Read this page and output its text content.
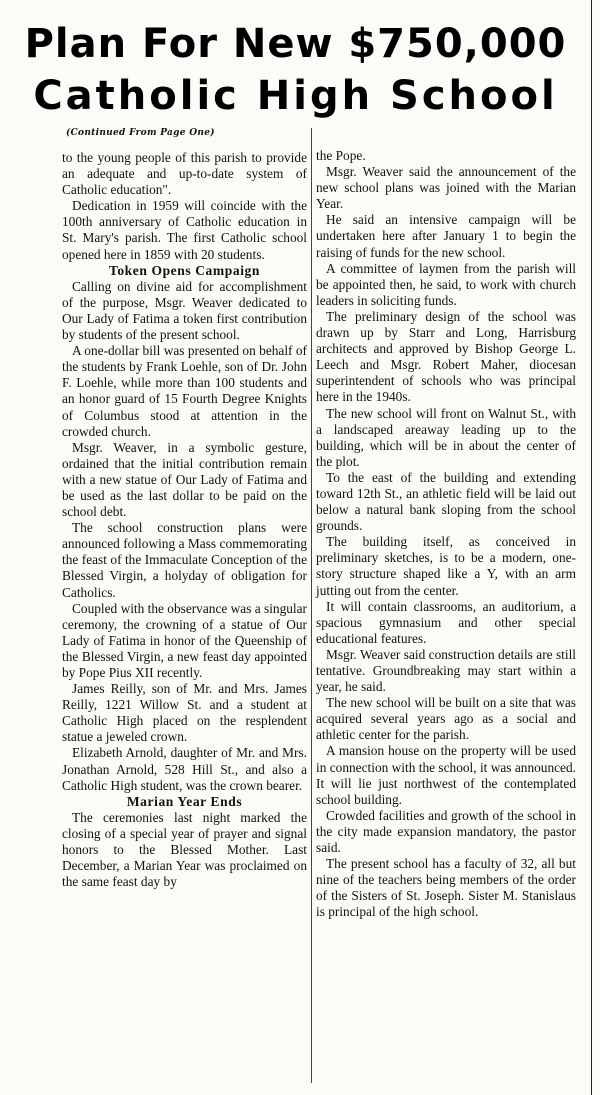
Plan For New $750,000
Catholic High School
(Continued From Page One)

to the young people of this parish to provide an adequate and up-to-date system of Catholic education".

Dedication in 1959 will coincide with the 100th anniversary of Catholic education in St. Mary's parish. The first Catholic school opened here in 1859 with 20 students.

Token Opens Campaign

Calling on divine aid for accomplishment of the purpose, Msgr. Weaver dedicated to Our Lady of Fatima a token first contribution by students of the present school.

A one-dollar bill was presented on behalf of the students by Frank Loehle, son of Dr. John F. Loehle, while more than 100 students and an honor guard of 15 Fourth Degree Knights of Columbus stood at attention in the crowded church.

Msgr. Weaver, in a symbolic gesture, ordained that the initial contribution remain with a new statue of Our Lady of Fatima and be used as the last dollar to be paid on the school debt.

The school construction plans were announced following a Mass commemorating the feast of the Immaculate Conception of the Blessed Virgin, a holyday of obligation for Catholics.

Coupled with the observance was a singular ceremony, the crowning of a statue of Our Lady of Fatima in honor of the Queenship of the Blessed Virgin, a new feast day appointed by Pope Pius XII recently.

James Reilly, son of Mr. and Mrs. James Reilly, 1221 Willow St. and a student at Catholic High placed on the resplendent statue a jeweled crown.

Elizabeth Arnold, daughter of Mr. and Mrs. Jonathan Arnold, 528 Hill St., and also a Catholic High student, was the crown bearer.

Marian Year Ends

The ceremonies last night marked the closing of a special year of prayer and signal honors to the Blessed Mother. Last December, a Marian Year was proclaimed on the same feast day by

the Pope.

Msgr. Weaver said the announcement of the new school plans was joined with the Marian Year.

He said an intensive campaign will be undertaken here after January 1 to begin the raising of funds for the new school.

A committee of laymen from the parish will be appointed then, he said, to work with church leaders in soliciting funds.

The preliminary design of the school was drawn up by Starr and Long, Harrisburg architects and approved by Bishop George L. Leech and Msgr. Robert Maher, diocesan superintendent of schools who was principal here in the 1940s.

The new school will front on Walnut St., with a landscaped areaway leading up to the building, which will be in about the center of the plot.

To the east of the building and extending toward 12th St., an athletic field will be laid out below a natural bank sloping from the school grounds.

The building itself, as conceived in preliminary sketches, is to be a modern, one-story structure shaped like a Y, with an arm jutting out from the center.

It will contain classrooms, an auditorium, a spacious gymnasium and other special educational features.

Msgr. Weaver said construction details are still tentative. Groundbreaking may start within a year, he said.

The new school will be built on a site that was acquired several years ago as a social and athletic center for the parish.

A mansion house on the property will be used in connection with the school, it was announced. It will lie just northwest of the contemplated school building.

Crowded facilities and growth of the school in the city made expansion mandatory, the pastor said.

The present school has a faculty of 32, all but nine of the teachers being members of the order of the Sisters of St. Joseph. Sister M. Stanislaus is principal of the high school.
